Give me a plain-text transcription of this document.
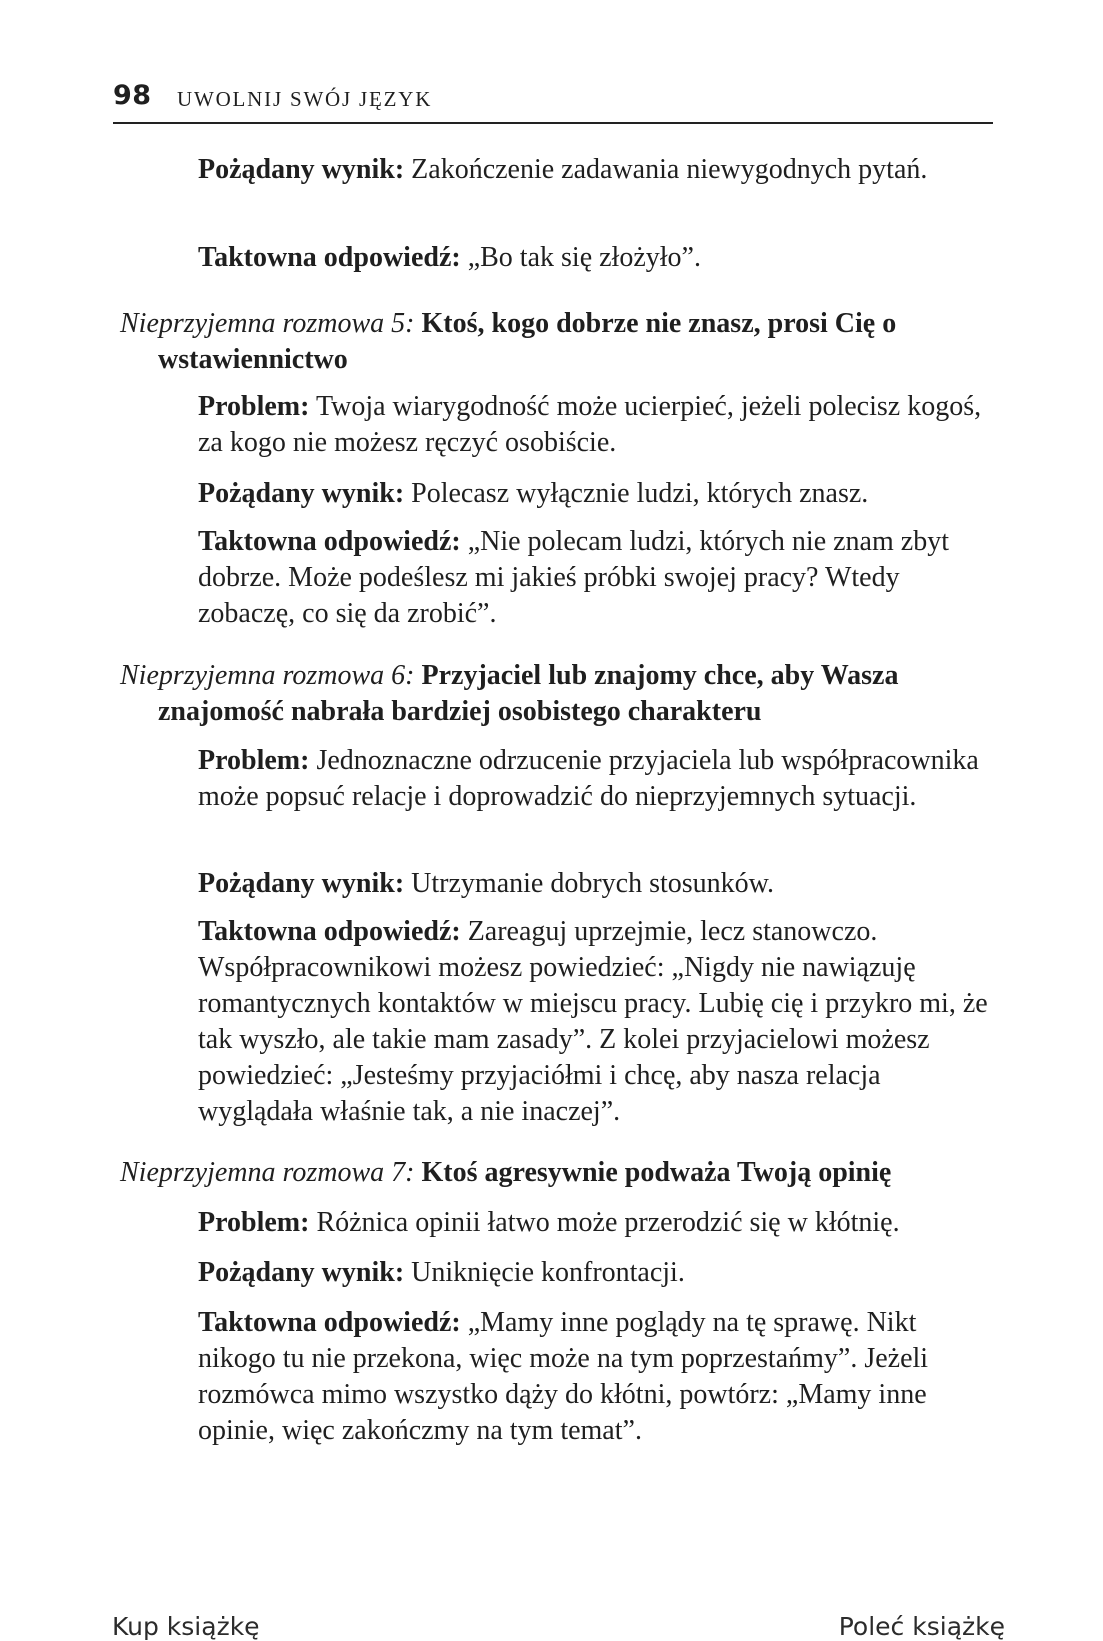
98 UWOLNIJ SWÓJ JĘZYK

Pożądany wynik: Zakończenie zadawania niewygodnych pytań.

Taktowna odpowiedź: „Bo tak się złożyło”.

Nieprzyjemna rozmowa 5: Ktoś, kogo dobrze nie znasz, prosi Cię o wstawiennictwo

Problem: Twoja wiarygodność może ucierpieć, jeżeli polecisz kogoś, za kogo nie możesz ręczyć osobiście.

Pożądany wynik: Polecasz wyłącznie ludzi, których znasz.

Taktowna odpowiedź: „Nie polecam ludzi, których nie znam zbyt dobrze. Może podeślesz mi jakieś próbki swojej pracy? Wtedy zobaczę, co się da zrobić”.

Nieprzyjemna rozmowa 6: Przyjaciel lub znajomy chce, aby Wasza znajomość nabrała bardziej osobistego charakteru

Problem: Jednoznaczne odrzucenie przyjaciela lub współpracownika może popsuć relacje i doprowadzić do nieprzyjemnych sytuacji.

Pożądany wynik: Utrzymanie dobrych stosunków.

Taktowna odpowiedź: Zareaguj uprzejmie, lecz stanowczo. Współpracownikowi możesz powiedzieć: „Nigdy nie nawiązuję romantycznych kontaktów w miejscu pracy. Lubię cię i przykro mi, że tak wyszło, ale takie mam zasady”. Z kolei przyjacielowi możesz powiedzieć: „Jesteśmy przyjaciółmi i chcę, aby nasza relacja wyglądała właśnie tak, a nie inaczej”.

Nieprzyjemna rozmowa 7: Ktoś agresywnie podważa Twoją opinię

Problem: Różnica opinii łatwo może przerodzić się w kłótnię.

Pożądany wynik: Uniknięcie konfrontacji.

Taktowna odpowiedź: „Mamy inne poglądy na tę sprawę. Nikt nikogo tu nie przekona, więc może na tym poprzestańmy”. Jeżeli rozmówca mimo wszystko dąży do kłótni, powtórz: „Mamy inne opinie, więc zakończmy na tym temat”.

Kup książkę	Poleć książkę
